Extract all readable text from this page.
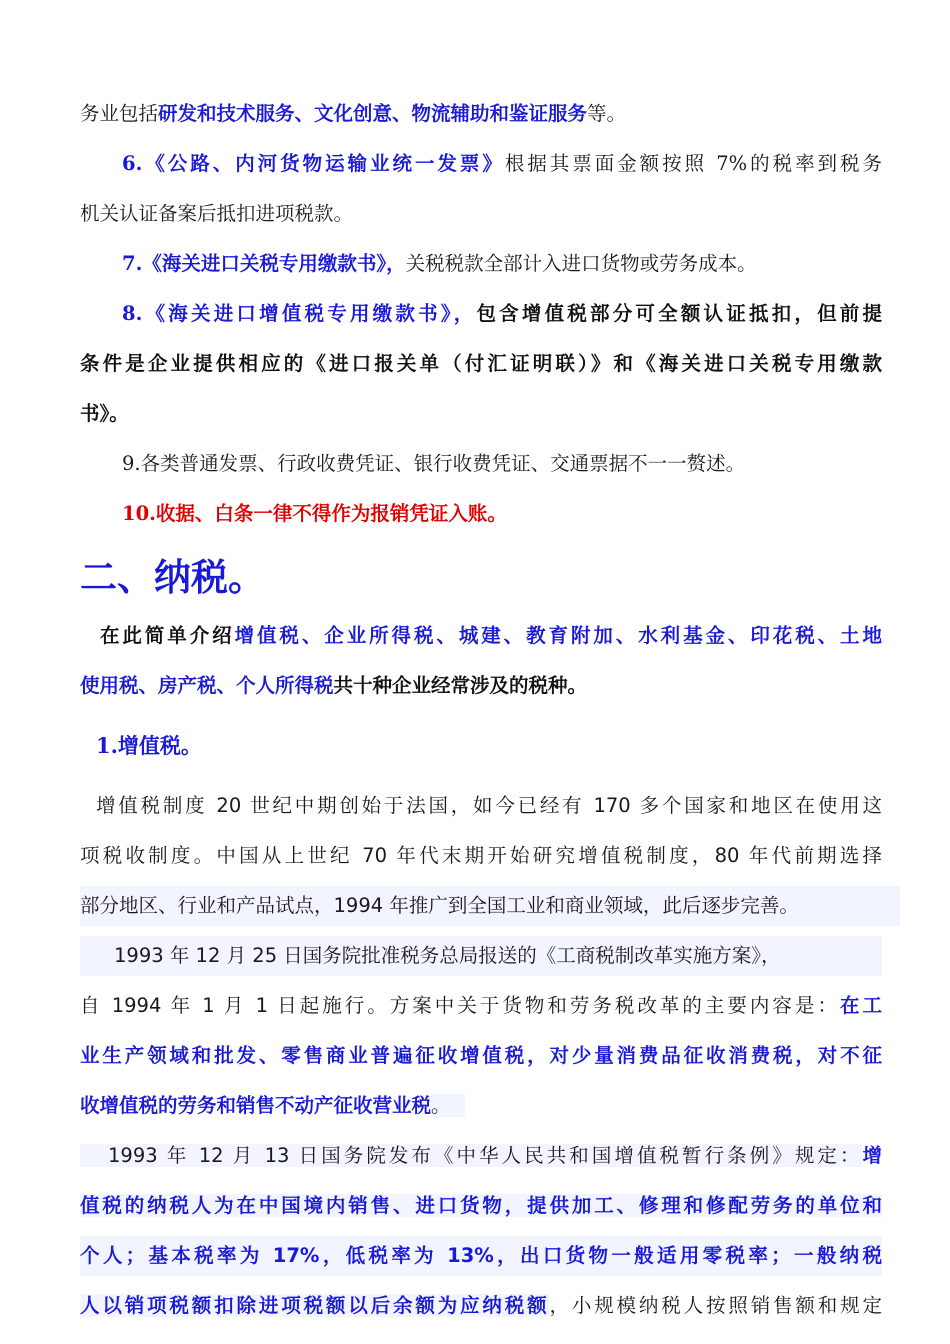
务业包括研发和技术服务、文化创意、物流辅助和鉴证服务等。
6.《公路、内河货物运输业统一发票》根据其票面金额按照 7%的税率到税务
机关认证备案后抵扣进项税款。
7.《海关进口关税专用缴款书》，关税税款全部计入进口货物或劳务成本。
8.《海关进口增值税专用缴款书》，包含增值税部分可全额认证抵扣，但前提
条件是企业提供相应的《进口报关单（付汇证明联）》和《海关进口关税专用缴款
书》。
9.各类普通发票、行政收费凭证、银行收费凭证、交通票据不一一赘述。
10.收据、白条一律不得作为报销凭证入账。
二、纳税。
在此简单介绍增值税、企业所得税、城建、教育附加、水利基金、印花税、土地
使用税、房产税、个人所得税共十种企业经常涉及的税种。
1.增值税。
增值税制度 20 世纪中期创始于法国，如今已经有 170 多个国家和地区在使用这
项税收制度。中国从上世纪 70 年代末期开始研究增值税制度，80 年代前期选择
部分地区、行业和产品试点，1994 年推广到全国工业和商业领域，此后逐步完善。
1993 年 12 月 25 日国务院批准税务总局报送的《工商税制改革实施方案》，
自 1994 年 1 月 1 日起施行。方案中关于货物和劳务税改革的主要内容是：在工
业生产领域和批发、零售商业普遍征收增值税，对少量消费品征收消费税，对不征
收增值税的劳务和销售不动产征收营业税。
1993 年 12 月 13 日国务院发布《中华人民共和国增值税暂行条例》规定：增
值税的纳税人为在中国境内销售、进口货物，提供加工、修理和修配劳务的单位和
个人；基本税率为 17%，低税率为 13%，出口货物一般适用零税率；一般纳税
人以销项税额扣除进项税额以后余额为应纳税额，小规模纳税人按照销售额和规定
